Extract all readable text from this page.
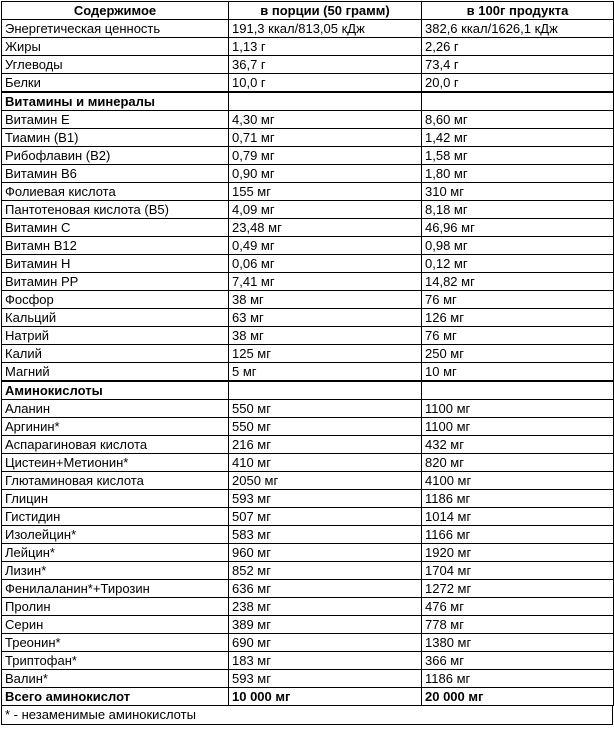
Содержимое	в порции (50 грамм)	в 100г продукта
Энергетическая ценность	191,3 ккал/813,05 кДж	382,6 ккал/1626,1 кДж
Жиры	1,13 г	2,26 г
Углеводы	36,7 г	73,4 г
Белки	10,0 г	20,0 г
Витамины и минералы		
Витамин E	4,30 мг	8,60 мг
Тиамин (B1)	0,71 мг	1,42 мг
Рибофлавин (B2)	0,79 мг	1,58 мг
Витамин B6	0,90 мг	1,80 мг
Фолиевая кислота	155 мг	310 мг
Пантотеновая кислота (B5)	4,09 мг	8,18 мг
Витамин C	23,48 мг	46,96 мг
Витамн B12	0,49 мг	0,98 мг
Витамин H	0,06 мг	0,12 мг
Витамин PP	7,41 мг	14,82 мг
Фосфор	38 мг	76 мг
Кальций	63 мг	126 мг
Натрий	38 мг	76 мг
Калий	125 мг	250 мг
Магний	5 мг	10 мг
Аминокислоты		
Аланин	550 мг	1100 мг
Аргинин*	550 мг	1100 мг
Аспарагиновая кислота	216 мг	432 мг
Цистеин+Метионин*	410 мг	820 мг
Глютаминовая кислота	2050 мг	4100 мг
Глицин	593 мг	1186 мг
Гистидин	507 мг	1014 мг
Изолейцин*	583 мг	1166 мг
Лейцин*	960 мг	1920 мг
Лизин*	852 мг	1704 мг
Фенилаланин*+Тирозин	636 мг	1272 мг
Пролин	238 мг	476 мг
Серин	389 мг	778 мг
Треонин*	690 мг	1380 мг
Триптофан*	183 мг	366 мг
Валин*	593 мг	1186 мг
Всего аминокислот	10 000 мг	20 000 мг
* - незаменимые аминокислоты
